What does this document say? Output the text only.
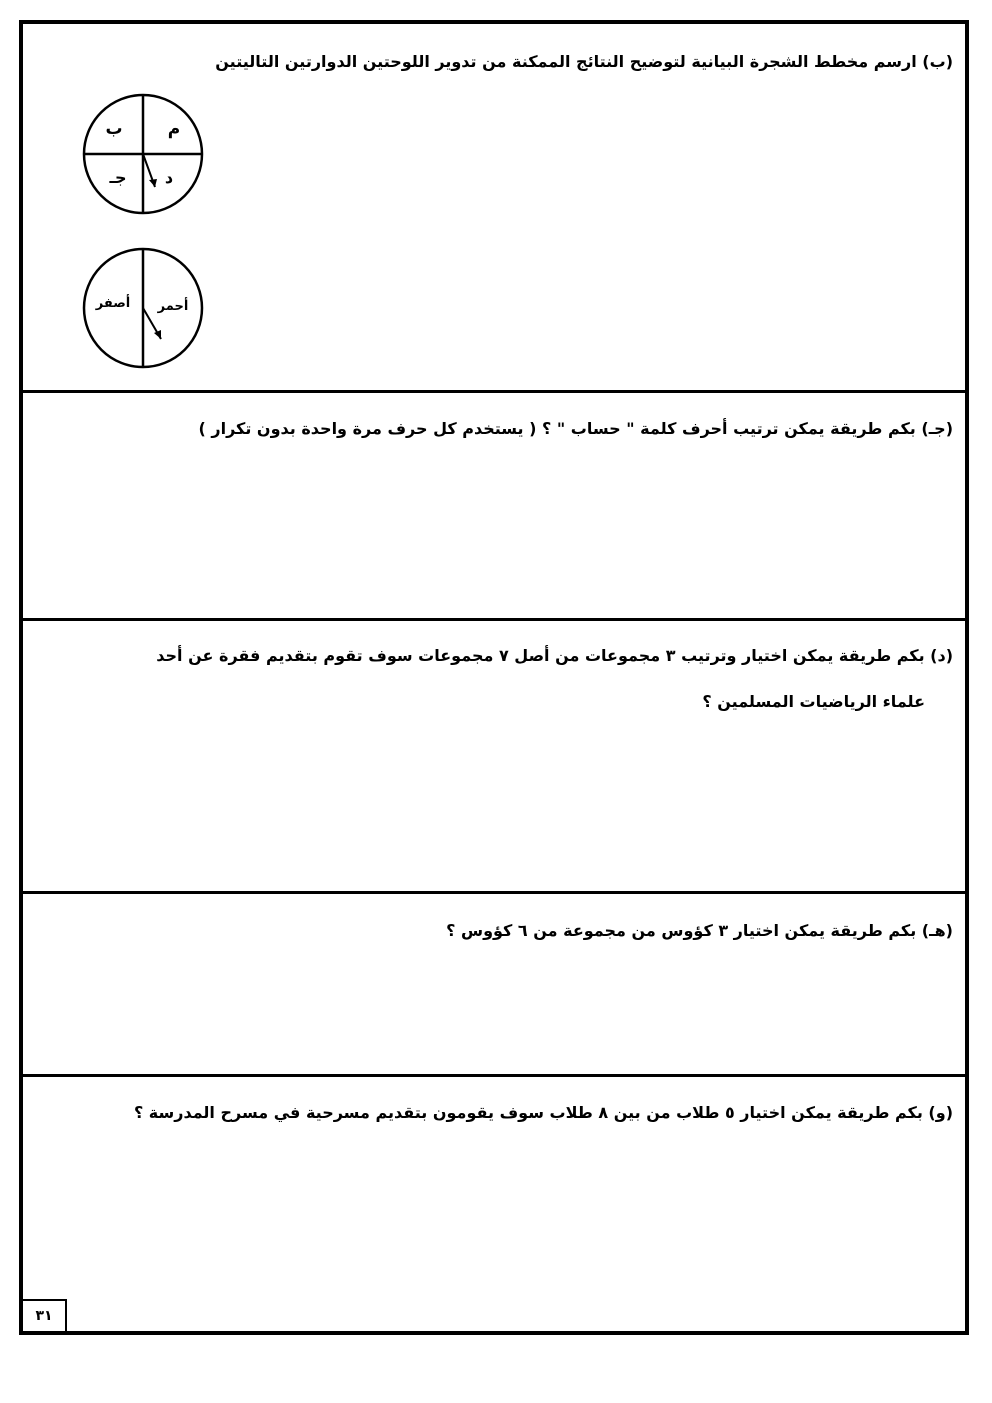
(ب) ارسم مخطط الشجرة البيانية لتوضيح النتائج الممكنة من تدوير اللوحتين الدوارتين التاليتين
م
ب
جـ د
أحمر
أصفر
(جـ) بكم طريقة يمكن ترتيب أحرف كلمة " حساب " ؟ ( يستخدم كل حرف مرة واحدة بدون تكرار )
(د) بكم طريقة يمكن اختيار وترتيب ٣ مجموعات من أصل ٧ مجموعات سوف تقوم بتقديم فقرة عن أحد
علماء الرياضيات المسلمين ؟
(هـ) بكم طريقة يمكن اختيار ٣ كؤوس من مجموعة من ٦ كؤوس ؟
(و) بكم طريقة يمكن اختيار ٥ طلاب من بين ٨ طلاب سوف يقومون بتقديم مسرحية في مسرح المدرسة ؟
٣١
